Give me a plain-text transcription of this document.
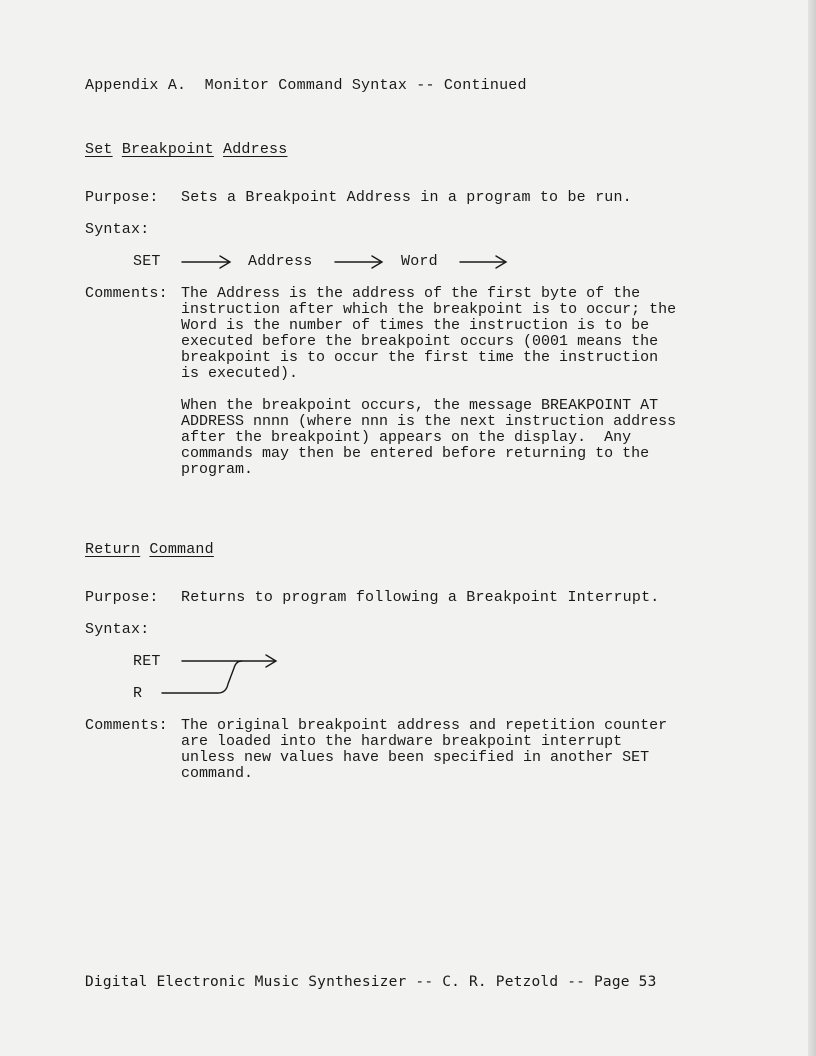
Appendix A.  Monitor Command Syntax -- Continued
Set Breakpoint Address
Purpose: Sets a Breakpoint Address in a program to be run.
Syntax:
SET	Address	Word
Comments: The Address is the address of the first byte of the
instruction after which the breakpoint is to occur; the
Word is the number of times the instruction is to be
executed before the breakpoint occurs (0001 means the
breakpoint is to occur the first time the instruction
is executed).
When the breakpoint occurs, the message BREAKPOINT AT
ADDRESS nnnn (where nnn is the next instruction address
after the breakpoint) appears on the display.  Any
commands may then be entered before returning to the
program.
Return Command
Purpose: Returns to program following a Breakpoint Interrupt.
Syntax:
RET
R
Comments: The original breakpoint address and repetition counter
are loaded into the hardware breakpoint interrupt
unless new values have been specified in another SET
command.
Digital Electronic Music Synthesizer -- C. R. Petzold -- Page 53
